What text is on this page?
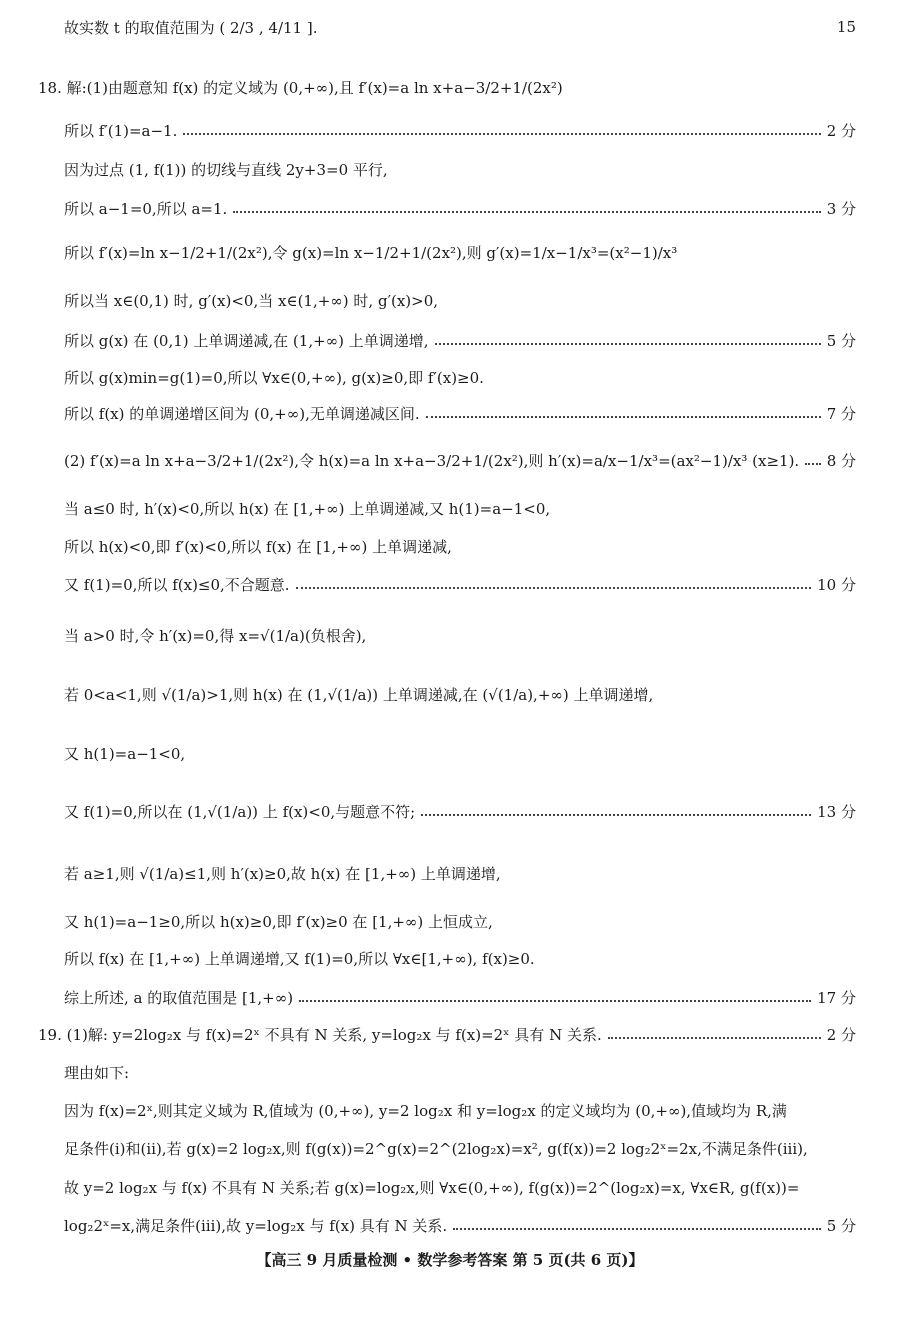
故实数 t 的取值范围为 ( 2/3 , 4/11 ].	15
18. 解:(1)由题意知 f(x) 的定义域为 (0,+∞),且 f′(x)=a ln x+a−3/2+1/(2x²)
所以 f′(1)=a−1.	2 分
因为过点 (1, f(1)) 的切线与直线 2y+3=0 平行,
所以 a−1=0,所以 a=1.	3 分
所以 f′(x)=ln x−1/2+1/(2x²),令 g(x)=ln x−1/2+1/(2x²),则 g′(x)=1/x−1/x³=(x²−1)/x³
所以当 x∈(0,1) 时, g′(x)<0,当 x∈(1,+∞) 时, g′(x)>0,
所以 g(x) 在 (0,1) 上单调递减,在 (1,+∞) 上单调递增,	5 分
所以 g(x)min=g(1)=0,所以 ∀x∈(0,+∞), g(x)≥0,即 f′(x)≥0.
所以 f(x) 的单调递增区间为 (0,+∞),无单调递减区间.	7 分
(2) f′(x)=a ln x+a−3/2+1/(2x²),令 h(x)=a ln x+a−3/2+1/(2x²),则 h′(x)=a/x−1/x³=(ax²−1)/x³ (x≥1). 8 分
当 a≤0 时, h′(x)<0,所以 h(x) 在 [1,+∞) 上单调递减,又 h(1)=a−1<0,
所以 h(x)<0,即 f′(x)<0,所以 f(x) 在 [1,+∞) 上单调递减,
又 f(1)=0,所以 f(x)≤0,不合题意.	10 分
当 a>0 时,令 h′(x)=0,得 x=√(1/a)(负根舍),
若 0<a<1,则 √(1/a)>1,则 h(x) 在 (1,√(1/a)) 上单调递减,在 (√(1/a),+∞) 上单调递增,
又 h(1)=a−1<0,
又 f(1)=0,所以在 (1,√(1/a)) 上 f(x)<0,与题意不符;	13 分
若 a≥1,则 √(1/a)≤1,则 h′(x)≥0,故 h(x) 在 [1,+∞) 上单调递增,
又 h(1)=a−1≥0,所以 h(x)≥0,即 f′(x)≥0 在 [1,+∞) 上恒成立,
所以 f(x) 在 [1,+∞) 上单调递增,又 f(1)=0,所以 ∀x∈[1,+∞), f(x)≥0.
综上所述, a 的取值范围是 [1,+∞)	17 分
19. (1)解: y=2log₂x 与 f(x)=2ˣ 不具有 N 关系, y=log₂x 与 f(x)=2ˣ 具有 N 关系.	2 分
理由如下:
因为 f(x)=2ˣ,则其定义域为 R,值域为 (0,+∞), y=2 log₂x 和 y=log₂x 的定义域均为 (0,+∞),值域均为 R,满
足条件(ⅰ)和(ⅱ),若 g(x)=2 log₂x,则 f(g(x))=2^g(x)=2^(2log₂x)=x², g(f(x))=2 log₂2ˣ=2x,不满足条件(ⅲ),
故 y=2 log₂x 与 f(x) 不具有 N 关系;若 g(x)=log₂x,则 ∀x∈(0,+∞), f(g(x))=2^(log₂x)=x, ∀x∈R, g(f(x))=
log₂2ˣ=x,满足条件(ⅲ),故 y=log₂x 与 f(x) 具有 N 关系.	5 分
【高三 9 月质量检测 • 数学参考答案 第 5 页(共 6 页)】
